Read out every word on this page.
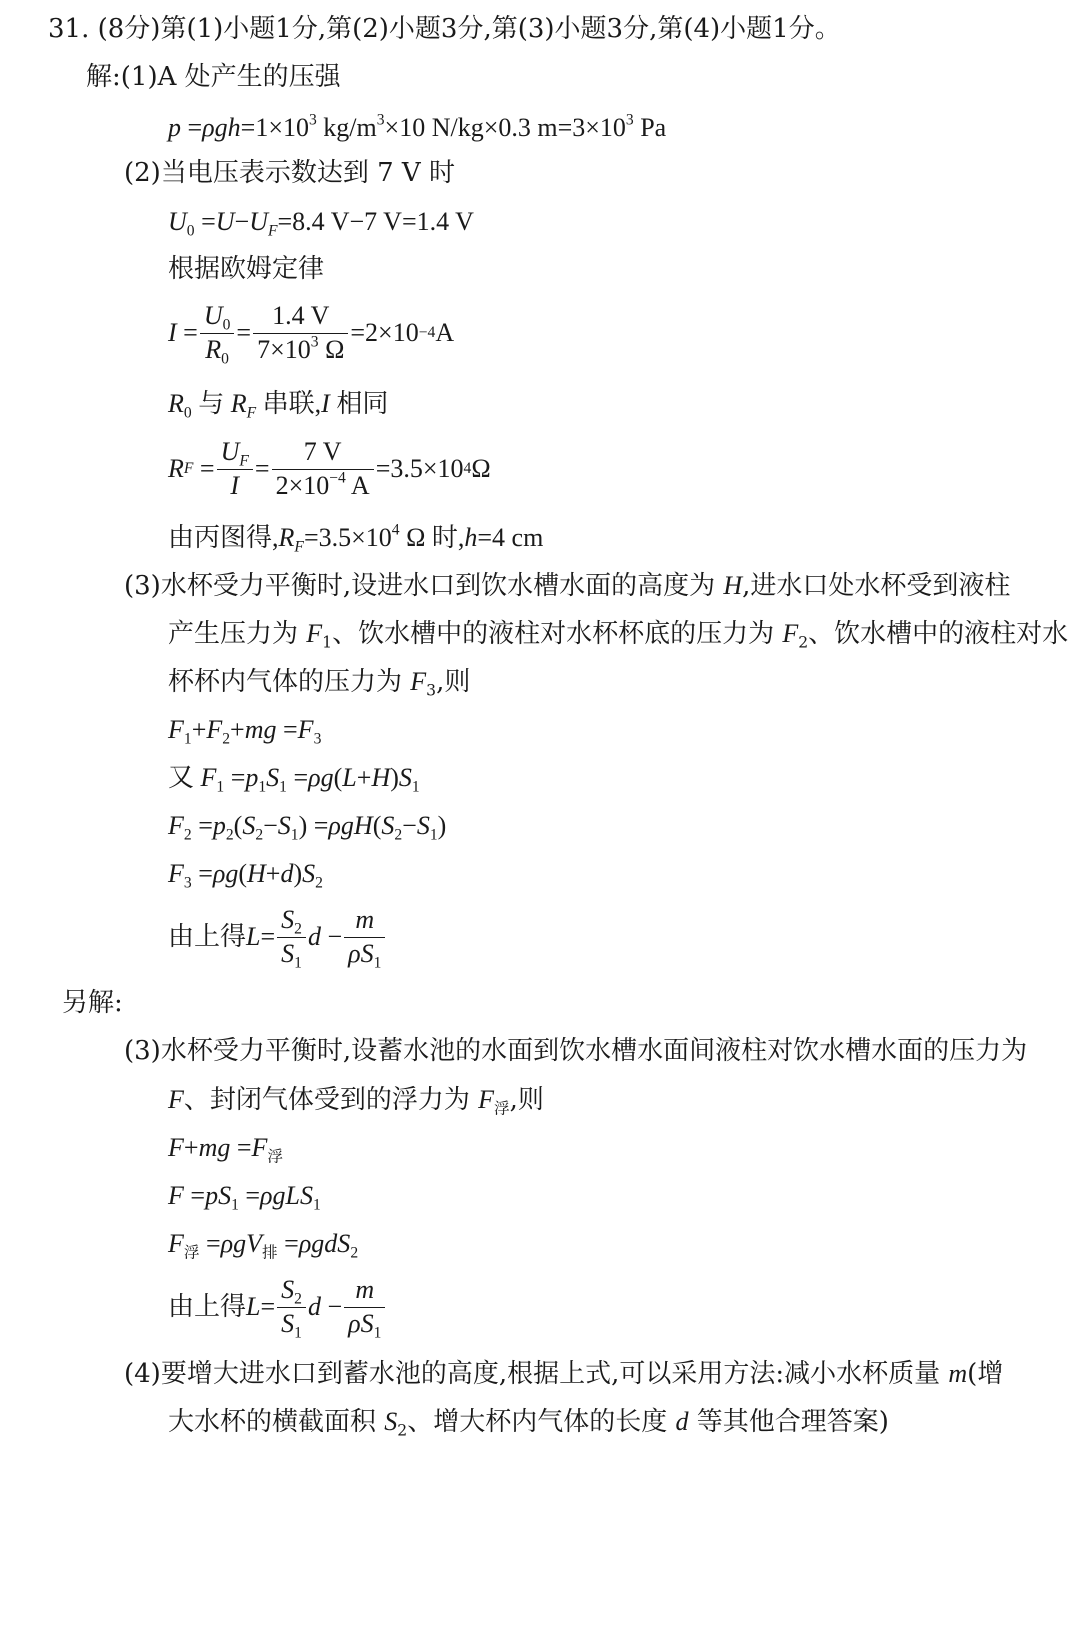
31. (8分)第(1)小题1分,第(2)小题3分,第(3)小题3分,第(4)小题1分。
解:(1)A 处产生的压强
$p =\rho gh=1\times 10^3$ $kg/m^3\times 10$ N/kg×0.3 $m=3\times 10^3$ Pa
(2)当电压表示数达到 7 V 时
$U_0 =U-U_F=8.4$ V−7 V=1.4 V
根据欧姆定律
$I = \frac{U_0}{R_0} = \frac{1.4 V}{7\times 10^3 \Omega} =2\times 10 -4$ A
$R_0$ 与 $R_F$ 串联,I 相同
R $F = \frac{U_F}{I} = \frac{7 V}{2\times 10^{-4} A} =3.5\times 10$ 4 Ω
由丙图得$,R_F=3.5\times 10^4$ Ω 时,h=4 cm
(3)水杯受力平衡时,设进水口到饮水槽水面的高度为 H,进水口处水杯受到液柱
产生压力为 $F_1$、饮水槽中的液柱对水杯杯底的压力为 $F_2$、饮水槽中的液柱对水
杯杯内气体的压力为 $F_3$,则
$F_1+F_2+mg =F_3$
又 $F_1 =p_1S_1 =\rho g(L+H)S_1$
$F_2 =p_2(S_2-S_1) =\rho gH(S_2-S_1)$
$F_3 =\rho g(H+d)S_2$
由上得 $L = \frac{S_2}{S_1}$ $d - \frac{m}{\rho S_1}$
另解:
(3)水杯受力平衡时,设蓄水池的水面到饮水槽水面间液柱对饮水槽水面的压力为
F、封闭气体受到的浮力为 $F_浮$,则
$F+mg =F_浮$
$F =pS_1 =\rho gLS_1$
$F_浮 =\rho gV_排 =\rho gdS_2$
由上得 $L = \frac{S_2}{S_1}$ $d - \frac{m}{\rho S_1}$
(4)要增大进水口到蓄水池的高度,根据上式,可以采用方法:减小水杯质量 m(增
大水杯的横截面积 $S_2$、增大杯内气体的长度 d 等其他合理答案)
